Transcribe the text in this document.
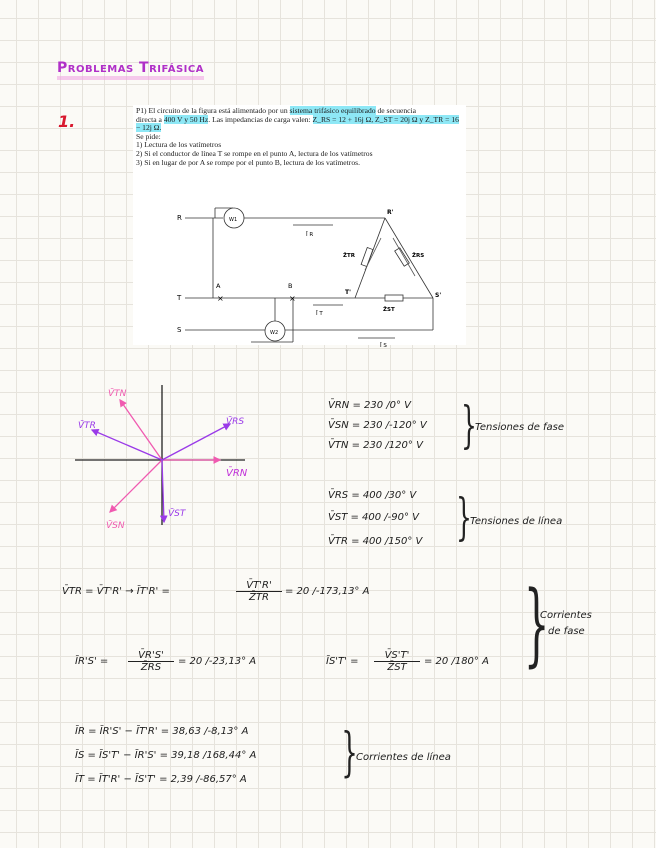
Problemas Trifásica
1.

P1) El circuito de la figura está alimentado por un sistema trifásico equilibrado de secuencia
directa a 400 V y 50 Hz. Las impedancias de carga valen: Z_RS = 12 + 16j Ω, Z_ST = 20j Ω y Z_TR = 16 − 12j Ω.
Se pide:
1) Lectura de los vatímetros
2) Si el conductor de línea T se rompe en el punto A, lectura de los vatímetros
3) Si en lugar de por A se rompe por el punto B, lectura de los vatímetros.

R
T
S
A	B
×	×
W1
W2
R'
S'
T'
Z̄TR	Z̄RS
Z̄ST
Ī R
Ī T
Ī S
V̄TN
V̄TR	V̄RS
V̄RN
V̄SN
V̄ST
V̄RN = 230 /0° V
V̄SN = 230 /-120° V
V̄TN = 230 /120° V }
Tensiones de fase
V̄RS = 400 /30° V
V̄ST = 400 /-90° V
V̄TR = 400 /150° V }
Tensiones de línea
V̄TR = V̄T'R' → ĪT'R' =	$\frac{V̄T'R'}{Z̄TR} = 20$ /-173,13° A
ĪR'S' = $\frac{V̄R'S'}{Z̄RS} = 20$ /-23,13° A	ĪS'T' = $\frac{V̄S'T'}{Z̄ST} = 20$ /180° A }
Corrientes
de fase
ĪR = ĪR'S' − ĪT'R' = 38,63 /-8,13° A
ĪS = ĪS'T' − ĪR'S' = 39,18 /168,44° A
ĪT = ĪT'R' − ĪS'T' = 2,39 /-86,57° A }
Corrientes de línea
